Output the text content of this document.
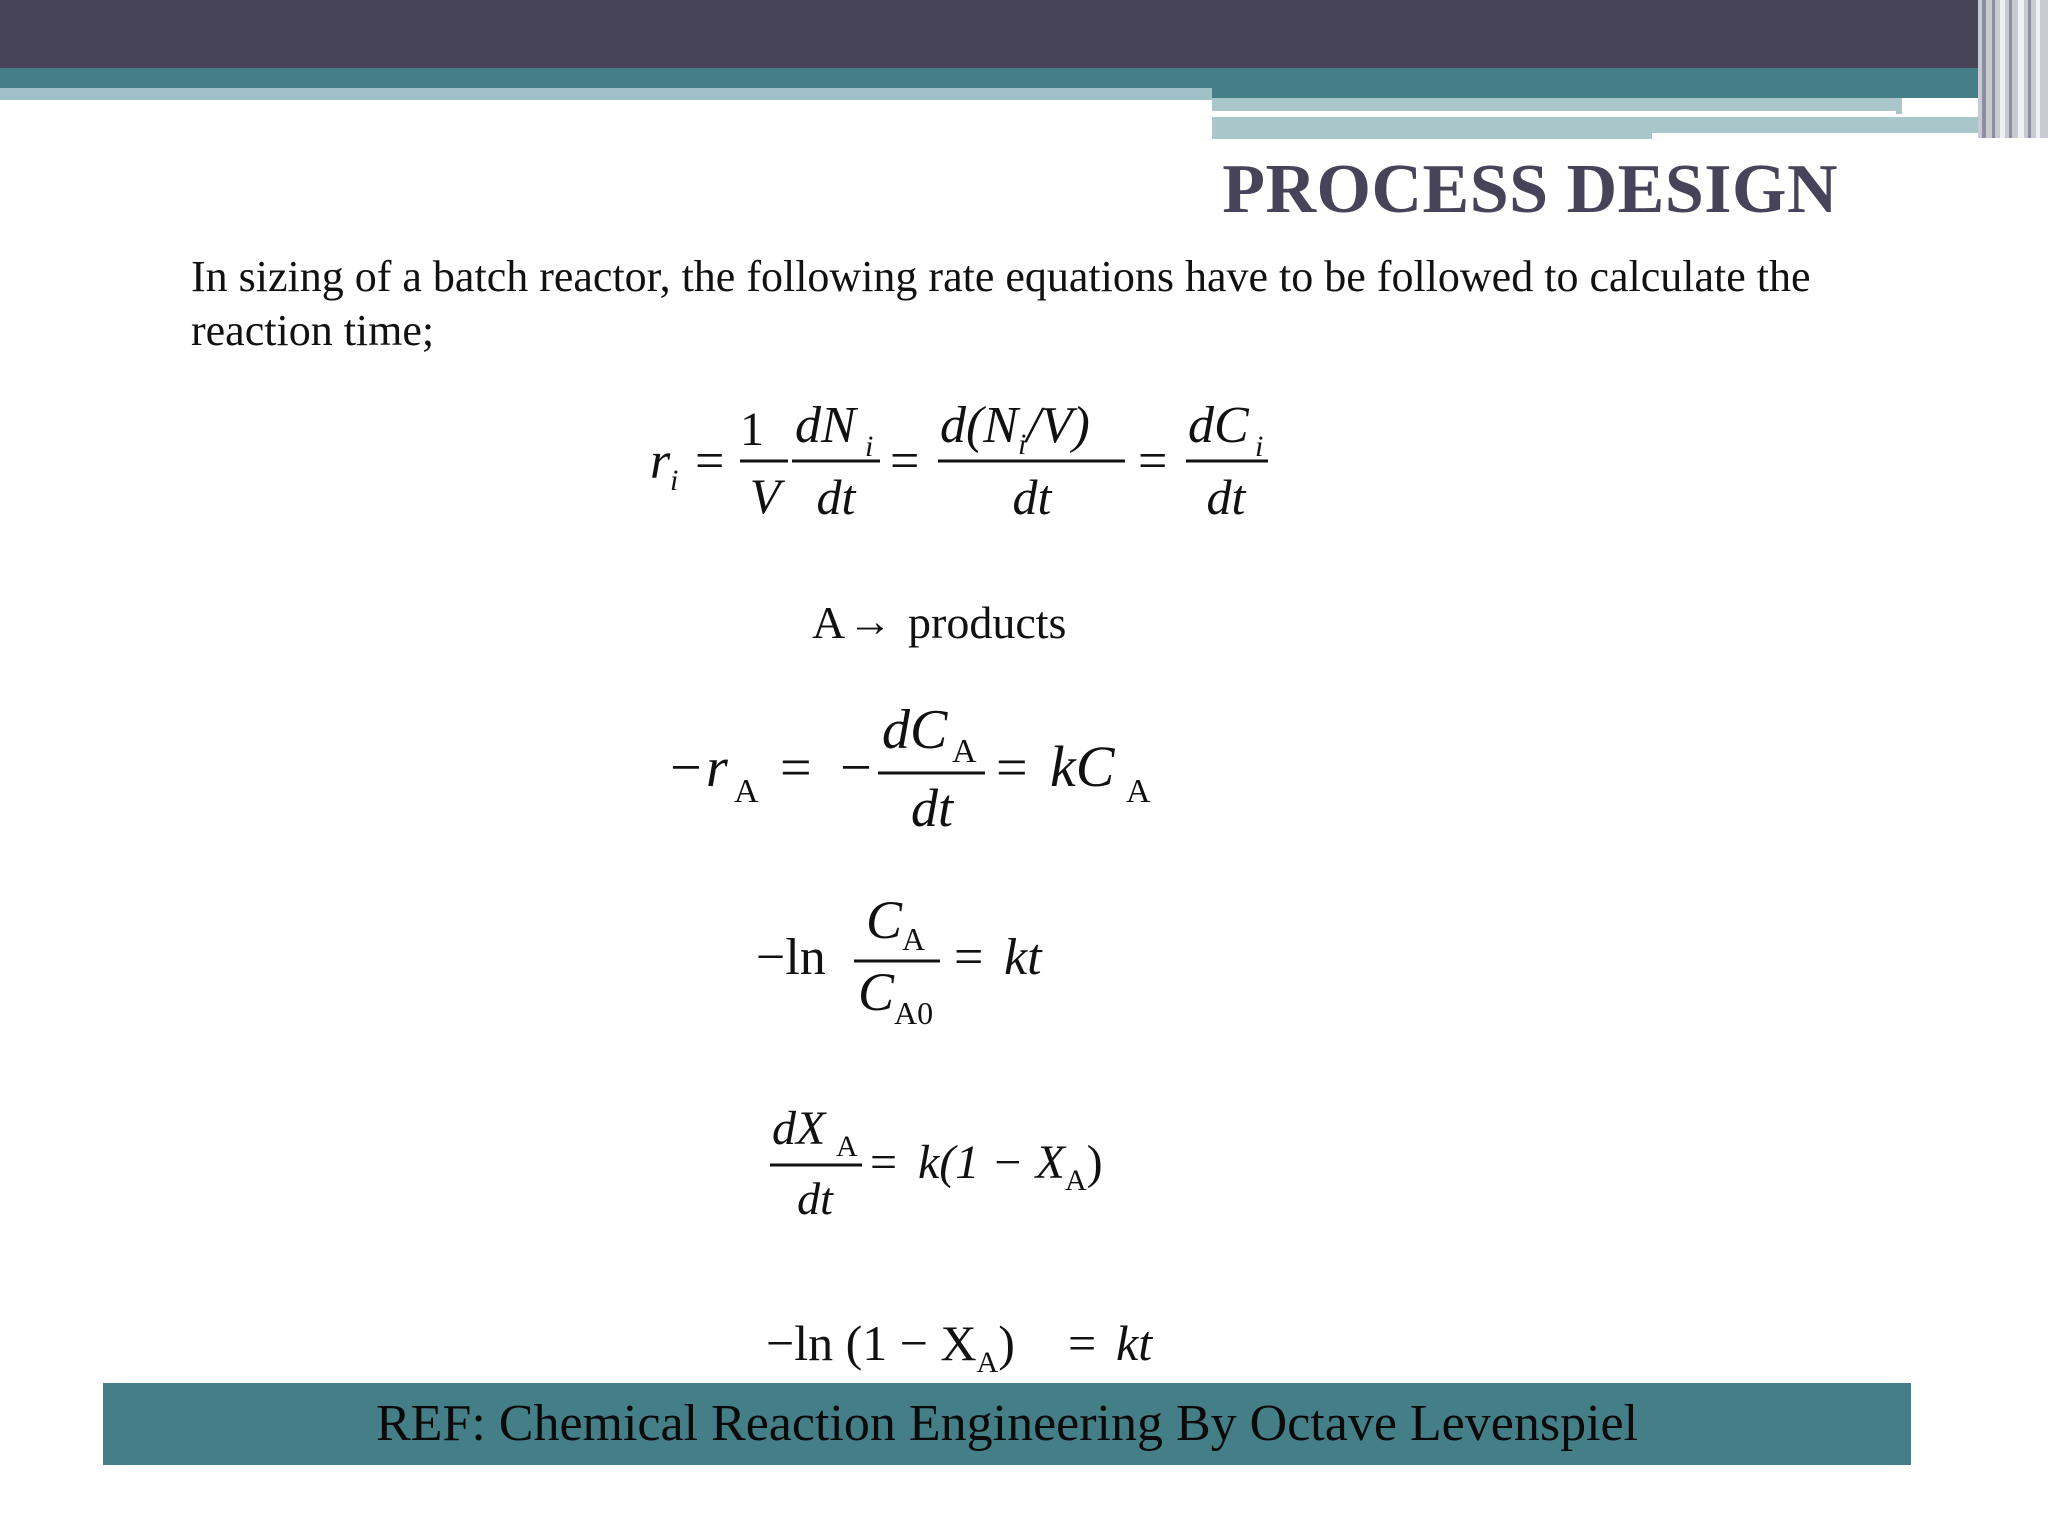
PROCESS DESIGN

In sizing of a batch reactor, the following rate equations have to be followed to calculate the reaction time;

r i =
1
V
dN i
dt
=
$d(N_i/V)$
dt
=
dC i
dt
A → products
− r A = −
dC A
dt
= kC A
−ln
C A
C A0
= kt
dX A
dt
= $k(1 - X_A)$
−ln $(1 - X_A)$ = kt

REF: Chemical Reaction Engineering By Octave Levenspiel
